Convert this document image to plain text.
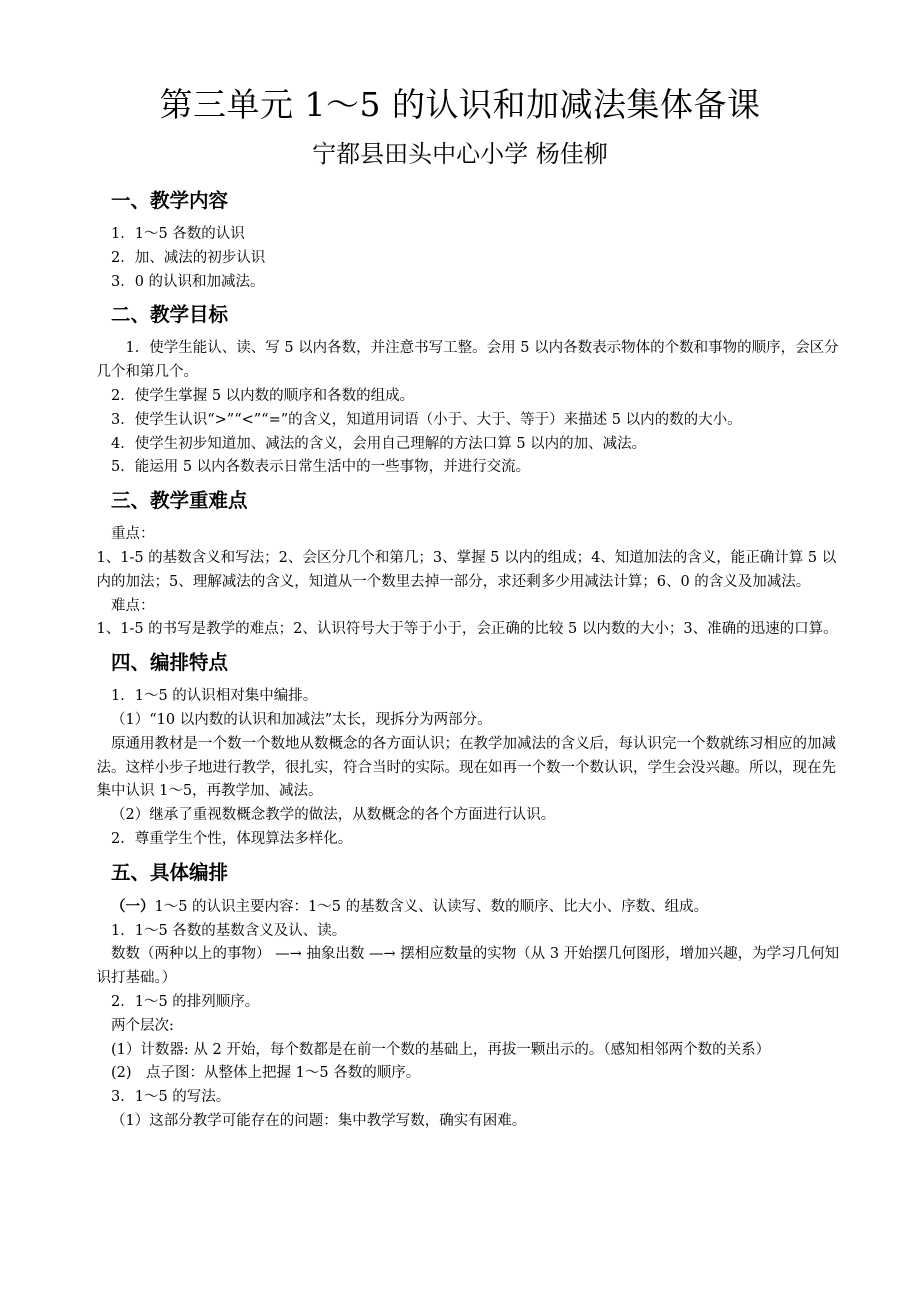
第三单元 1～5 的认识和加减法集体备课
宁都县田头中心小学 杨佳柳
一、教学内容

1．1～5 各数的认识

2．加、减法的初步认识

3．0 的认识和加减法。

二、教学目标

1．使学生能认、读、写 5 以内各数，并注意书写工整。会用 5 以内各数表示物体的个数和事物的顺序，会区分几个和第几个。

2．使学生掌握 5 以内数的顺序和各数的组成。

3．使学生认识“>”“<”“=”的含义，知道用词语（小于、大于、等于）来描述 5 以内的数的大小。

4．使学生初步知道加、减法的含义，会用自己理解的方法口算 5 以内的加、减法。

5．能运用 5 以内各数表示日常生活中的一些事物，并进行交流。

三、教学重难点

重点：

1、1-5 的基数含义和写法；2、会区分几个和第几；3、掌握 5 以内的组成；4、知道加法的含义，能正确计算 5 以内的加法；5、理解减法的含义，知道从一个数里去掉一部分，求还剩多少用减法计算；6、0 的含义及加减法。

难点：

1、1-5 的书写是教学的难点；2、认识符号大于等于小于，会正确的比较 5 以内数的大小；3、准确的迅速的口算。

四、编排特点

1．1～5 的认识相对集中编排。

（1）“10 以内数的认识和加减法”太长，现拆分为两部分。

原通用教材是一个数一个数地从数概念的各方面认识；在教学加减法的含义后，每认识完一个数就练习相应的加减法。这样小步子地进行教学，很扎实，符合当时的实际。现在如再一个数一个数认识，学生会没兴趣。所以，现在先集中认识 1～5，再教学加、减法。

（2）继承了重视数概念教学的做法，从数概念的各个方面进行认识。

2．尊重学生个性，体现算法多样化。

五、具体编排

（一）1～5 的认识主要内容：1～5 的基数含义、认读写、数的顺序、比大小、序数、组成。

1．1～5 各数的基数含义及认、读。

数数（两种以上的事物） —→ 抽象出数 —→ 摆相应数量的实物（从 3 开始摆几何图形，增加兴趣，为学习几何知识打基础。）

2．1～5 的排列顺序。

两个层次:

(1）计数器: 从 2 开始，每个数都是在前一个数的基础上，再拔一颗出示的。（感知相邻两个数的关系）

(2)　点子图：从整体上把握 1～5 各数的顺序。

3．1～5 的写法。

（1）这部分教学可能存在的问题：集中教学写数，确实有困难。
